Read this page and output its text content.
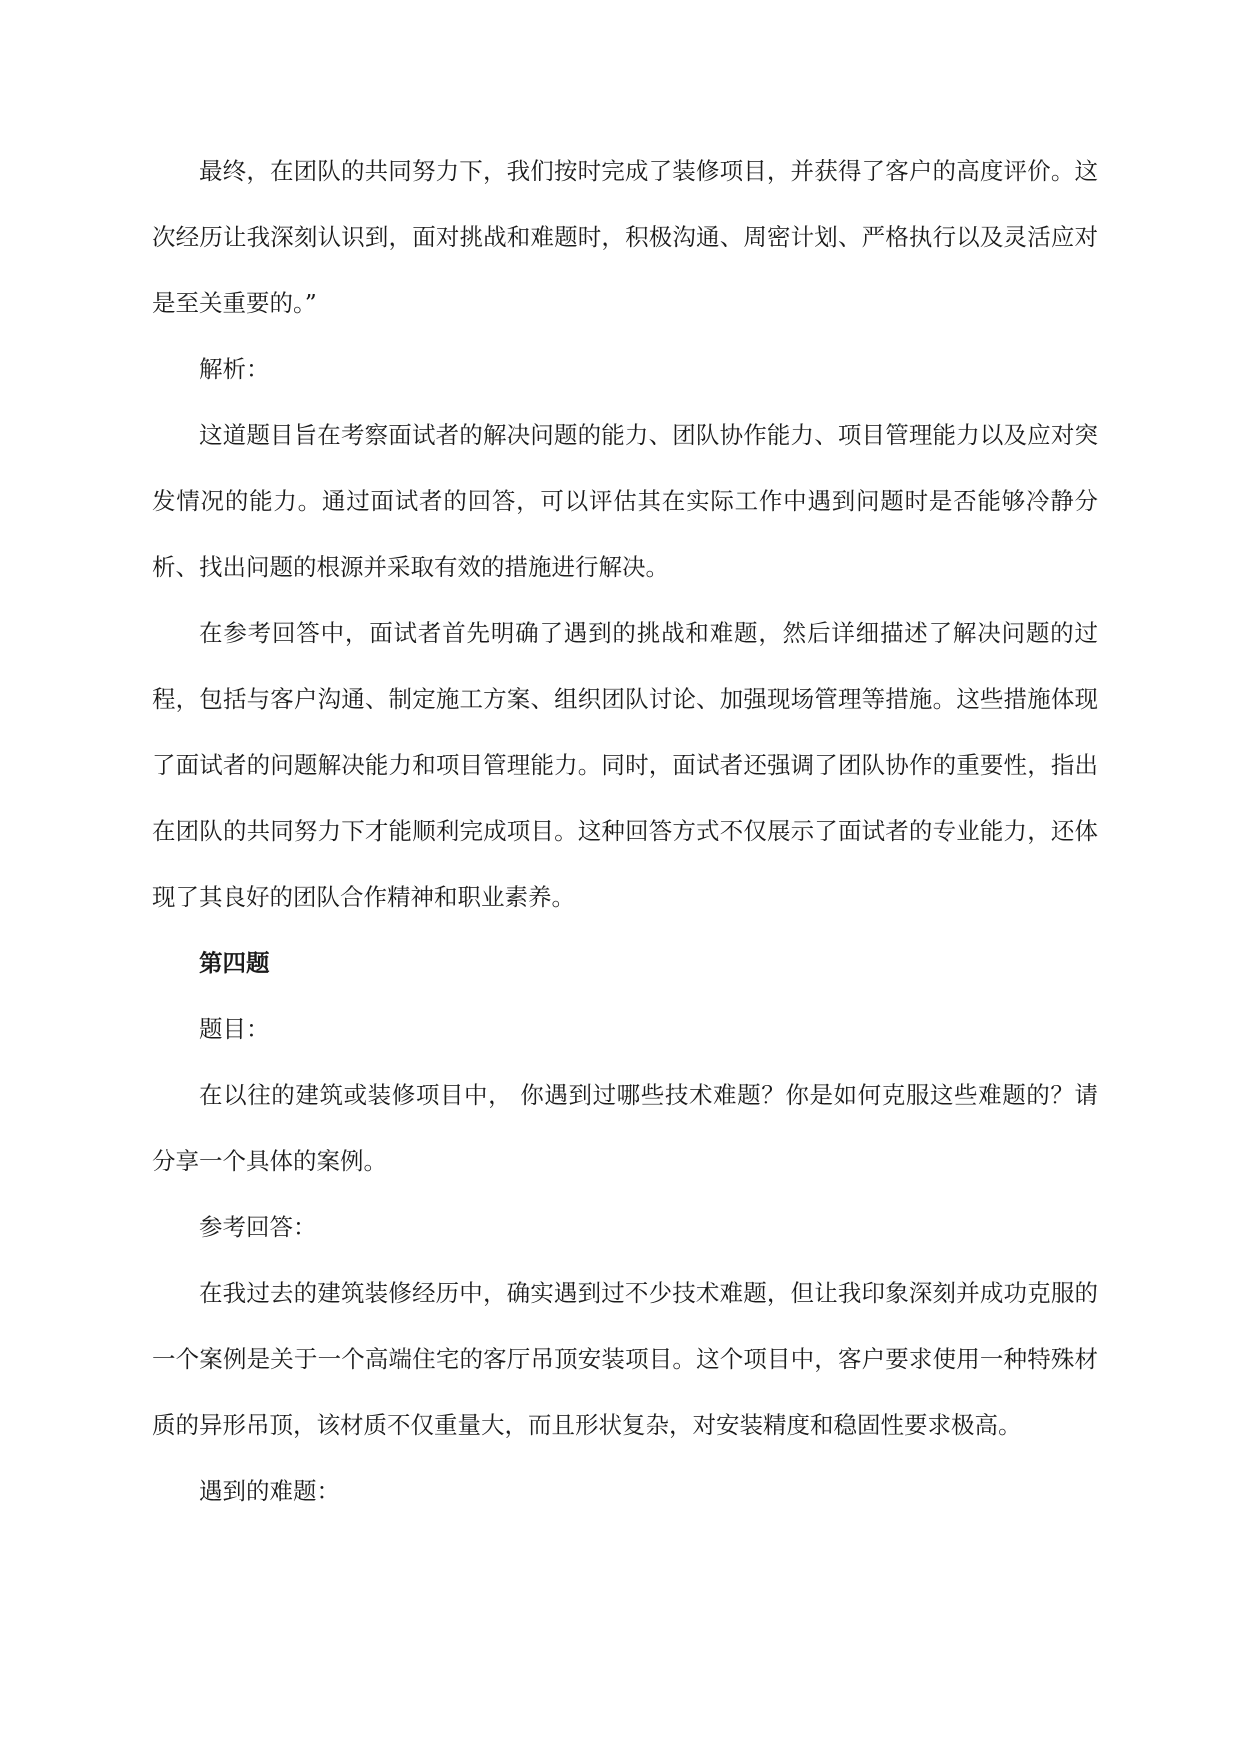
最终，在团队的共同努力下，我们按时完成了装修项目，并获得了客户的高度评价。这次经历让我深刻认识到，面对挑战和难题时，积极沟通、周密计划、严格执行以及灵活应对是至关重要的。”

解析：

这道题目旨在考察面试者的解决问题的能力、团队协作能力、项目管理能力以及应对突发情况的能力。通过面试者的回答，可以评估其在实际工作中遇到问题时是否能够冷静分析、找出问题的根源并采取有效的措施进行解决。

在参考回答中，面试者首先明确了遇到的挑战和难题，然后详细描述了解决问题的过程，包括与客户沟通、制定施工方案、组织团队讨论、加强现场管理等措施。这些措施体现了面试者的问题解决能力和项目管理能力。同时，面试者还强调了团队协作的重要性，指出在团队的共同努力下才能顺利完成项目。这种回答方式不仅展示了面试者的专业能力，还体现了其良好的团队合作精神和职业素养。

第四题

题目：

在以往的建筑或装修项目中， 你遇到过哪些技术难题？你是如何克服这些难题的？请分享一个具体的案例。

参考回答：

在我过去的建筑装修经历中，确实遇到过不少技术难题，但让我印象深刻并成功克服的一个案例是关于一个高端住宅的客厅吊顶安装项目。这个项目中，客户要求使用一种特殊材质的异形吊顶，该材质不仅重量大，而且形状复杂，对安装精度和稳固性要求极高。

遇到的难题：
